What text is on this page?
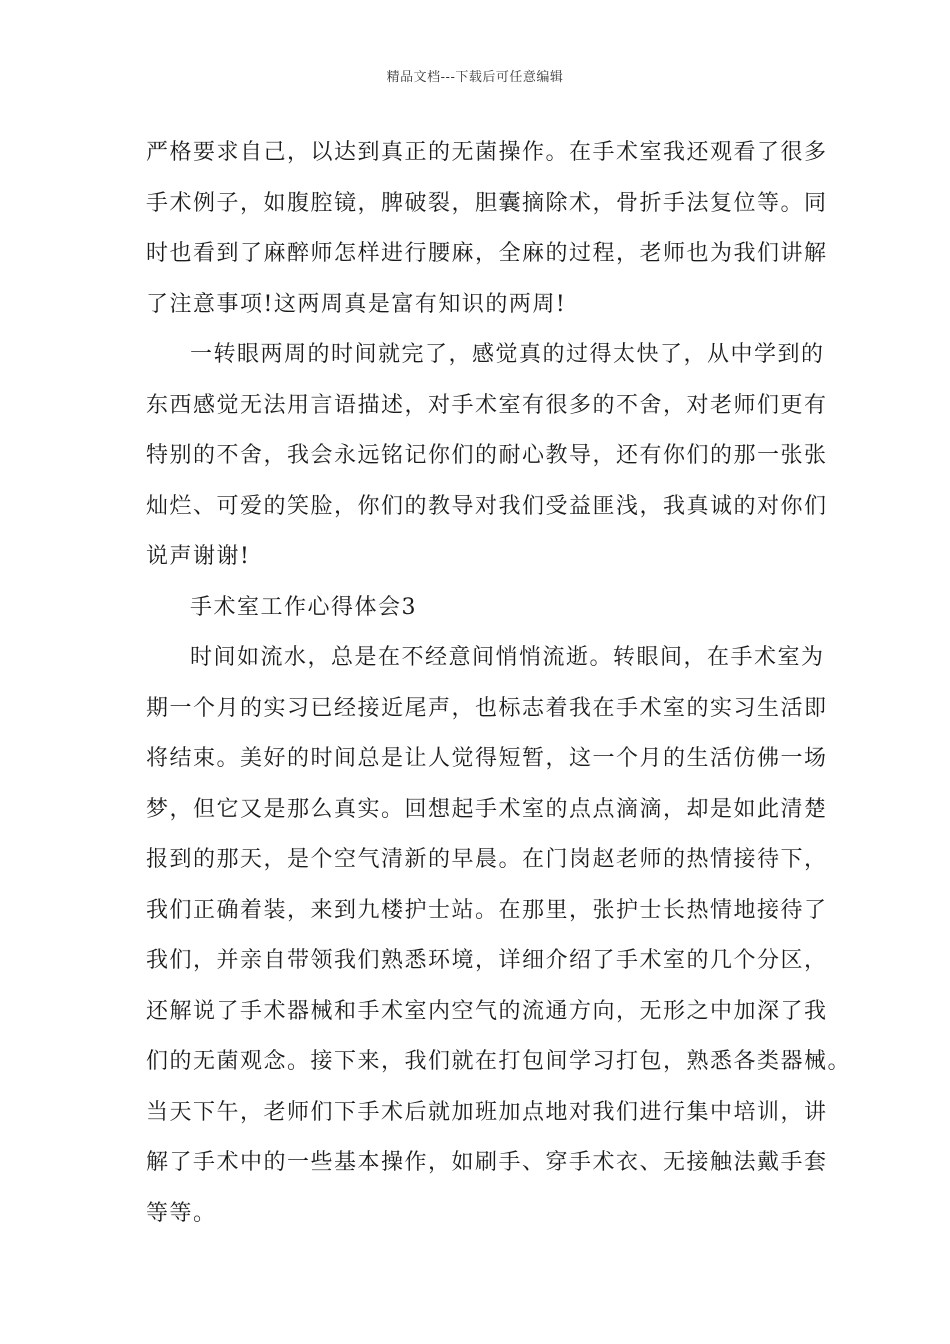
精品文档---下载后可任意编辑
严格要求自己，以达到真正的无菌操作。在手术室我还观看了很多
手术例子，如腹腔镜，脾破裂，胆囊摘除术，骨折手法复位等。同
时也看到了麻醉师怎样进行腰麻，全麻的过程，老师也为我们讲解
了注意事项!这两周真是富有知识的两周!
一转眼两周的时间就完了，感觉真的过得太快了，从中学到的
东西感觉无法用言语描述，对手术室有很多的不舍，对老师们更有
特别的不舍，我会永远铭记你们的耐心教导，还有你们的那一张张
灿烂、可爱的笑脸，你们的教导对我们受益匪浅，我真诚的对你们
说声谢谢!
手术室工作心得体会3
时间如流水，总是在不经意间悄悄流逝。转眼间，在手术室为
期一个月的实习已经接近尾声，也标志着我在手术室的实习生活即
将结束。美好的时间总是让人觉得短暂，这一个月的生活仿佛一场
梦，但它又是那么真实。回想起手术室的点点滴滴，却是如此清楚
报到的那天，是个空气清新的早晨。在门岗赵老师的热情接待下，
我们正确着装，来到九楼护士站。在那里，张护士长热情地接待了
我们，并亲自带领我们熟悉环境，详细介绍了手术室的几个分区，
还解说了手术器械和手术室内空气的流通方向，无形之中加深了我
们的无菌观念。接下来，我们就在打包间学习打包，熟悉各类器械。
当天下午，老师们下手术后就加班加点地对我们进行集中培训，讲
解了手术中的一些基本操作，如刷手、穿手术衣、无接触法戴手套
等等。
